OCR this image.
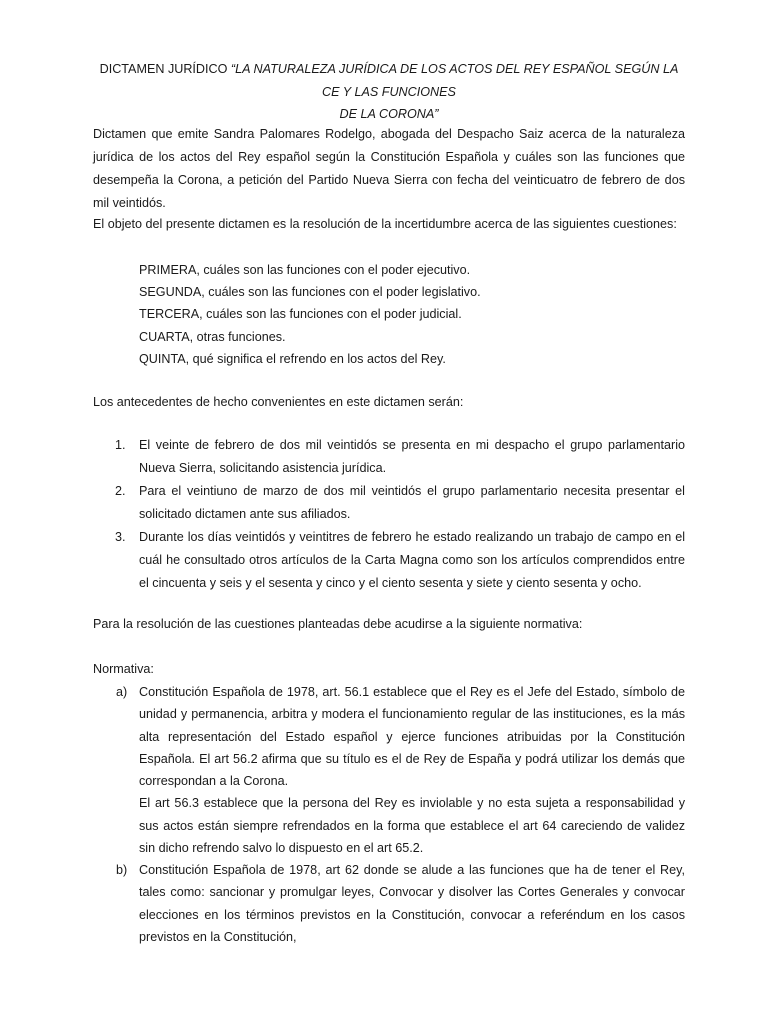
DICTAMEN JURÍDICO “LA NATURALEZA JURÍDICA DE LOS ACTOS DEL REY ESPAÑOL SEGÚN LA CE Y LAS FUNCIONES
DE LA CORONA”

Dictamen que emite Sandra Palomares Rodelgo, abogada del Despacho Saiz acerca de la naturaleza jurídica de los actos del Rey español según la Constitución Española y cuáles son las funciones que desempeña la Corona, a petición del Partido Nueva Sierra con fecha del veinticuatro de febrero de dos mil veintidós.

El objeto del presente dictamen es la resolución de la incertidumbre acerca de las siguientes cuestiones:

PRIMERA, cuáles son las funciones con el poder ejecutivo.
SEGUNDA, cuáles son las funciones con el poder legislativo.
TERCERA, cuáles son las funciones con el poder judicial.
CUARTA, otras funciones.
QUINTA, qué significa el refrendo en los actos del Rey.

Los antecedentes de hecho convenientes en este dictamen serán:

1. El veinte de febrero de dos mil veintidós se presenta en mi despacho el grupo parlamentario Nueva Sierra, solicitando asistencia jurídica.
2. Para el veintiuno de marzo de dos mil veintidós el grupo parlamentario necesita presentar el solicitado dictamen ante sus afiliados.
3. Durante los días veintidós y veintitres de febrero he estado realizando un trabajo de campo en el cuál he consultado otros artículos de la Carta Magna como son los artículos comprendidos entre el cincuenta y seis y el sesenta y cinco y el ciento sesenta y siete y ciento sesenta y ocho.

Para la resolución de las cuestiones planteadas debe acudirse a la siguiente normativa:

Normativa:

a) Constitución Española de 1978, art. 56.1 establece que el Rey es el Jefe del Estado, símbolo de unidad y permanencia, arbitra y modera el funcionamiento regular de las instituciones, es la más alta representación del Estado español y ejerce funciones atribuidas por la Constitución Española. El art 56.2 afirma que su título es el de Rey de España y podrá utilizar los demás que correspondan a la Corona.
El art 56.3 establece que la persona del Rey es inviolable y no esta sujeta a responsabilidad y sus actos están siempre refrendados en la forma que establece el art 64 careciendo de validez sin dicho refrendo salvo lo dispuesto en el art 65.2.

b) Constitución Española de 1978, art 62 donde se alude a las funciones que ha de tener el Rey, tales como: sancionar y promulgar leyes, Convocar y disolver las Cortes Generales y convocar elecciones en los términos previstos en la Constitución, convocar a referéndum en los casos previstos en la Constitución,
